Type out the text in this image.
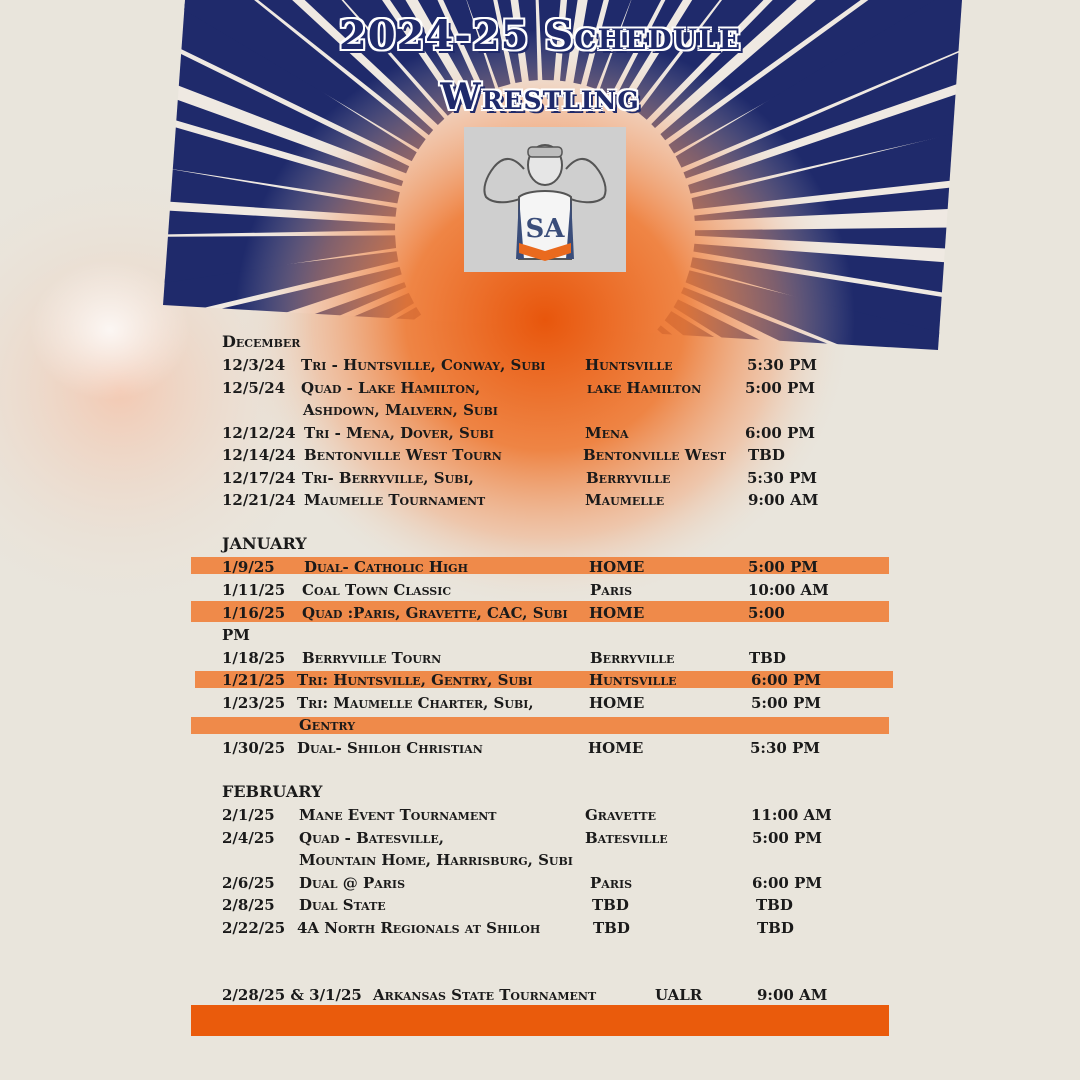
2024-25 Schedule
Wrestling
SA
December
12/3/24 Tri - Huntsville, Conway, Subi	Huntsville	5:30 PM
12/5/24 Quad - Lake Hamilton,
Ashdown, Malvern, Subi
lake Hamilton	5:00 PM
12/12/24 Tri - Mena, Dover, Subi	Mena	6:00 PM
12/14/24 Bentonville West Tourn	Bentonville West TBD
12/17/24 Tri- Berryville, Subi,	Berryville	5:30 PM
12/21/24 Maumelle Tournament	Maumelle	9:00 AM
JANUARY
1/9/25 Dual- Catholic High	HOME	5:00 PM
1/11/25 Coal Town Classic	Paris	10:00 AM
1/16/25 Quad :Paris, Gravette, CAC, Subi HOME	5:00
PM
1/18/25 Berryville Tourn	Berryville	TBD
1/21/25 Tri: Huntsville, Gentry, Subi	Huntsville	6:00 PM
1/23/25 Tri: Maumelle Charter, Subi,
Gentry
HOME	5:00 PM
1/30/25 Dual- Shiloh Christian	HOME	5:30 PM
FEBRUARY
2/1/25 Mane Event Tournament	Gravette	11:00 AM
2/4/25 Quad - Batesville,
Mountain Home, Harrisburg, Subi
Batesville	5:00 PM
2/6/25 Dual @ Paris	Paris	6:00 PM
2/8/25 Dual State	TBD	TBD
2/22/25 4A North Regionals at Shiloh	TBD	TBD
2/28/25 & 3/1/25 Arkansas State Tournament	UALR	9:00 AM
